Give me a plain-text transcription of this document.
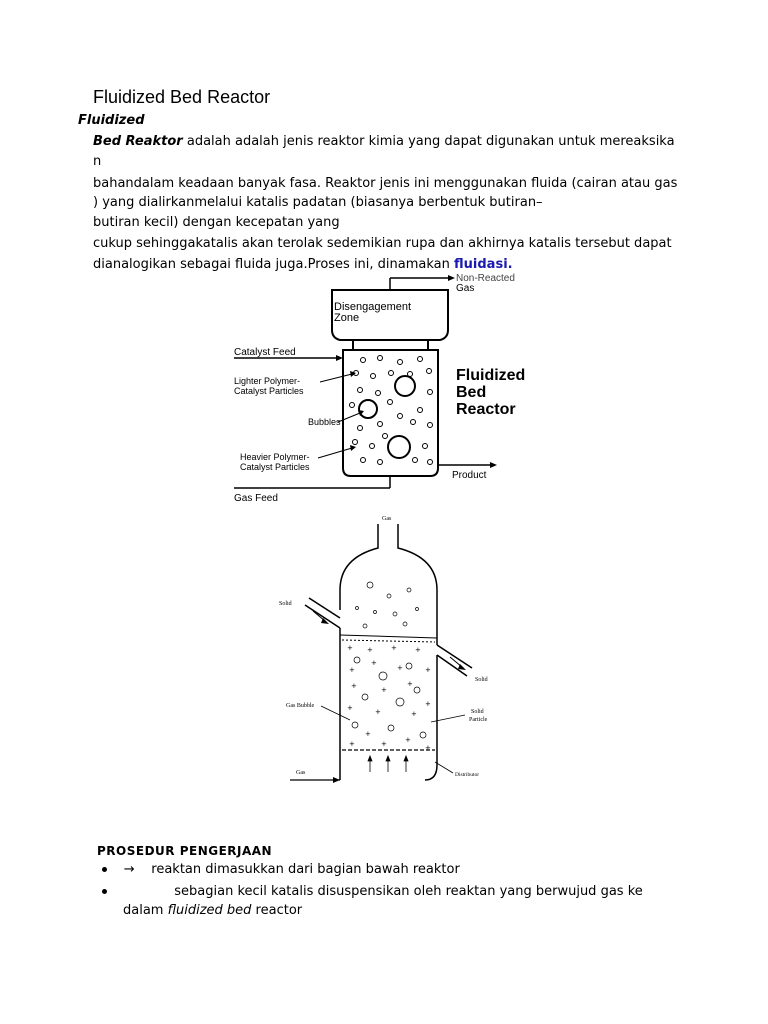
Fluidized Bed Reactor
Fluidized
Bed Reaktor adalah adalah jenis reaktor kimia yang dapat digunakan untuk mereaksika
n
bahandalam keadaan banyak fasa. Reaktor jenis ini menggunakan fluida (cairan atau gas
) yang dialirkanmelalui katalis padatan (biasanya berbentuk butiran–
butiran kecil) dengan kecepatan yang
cukup sehinggakatalis akan terolak sedemikian rupa dan akhirnya katalis tersebut dapat
dianalogikan sebagai fluida juga.Proses ini, dinamakan fluidasi.
Disengagement
Zone
Non-Reacted
Gas
Catalyst Feed
Lighter Polymer-
Catalyst Particles
Bubbles
Heavier Polymer-
Catalyst Particles
Product
Gas Feed
Fluidized
Bed
Reactor
Gas
Solid
Solid
+ +	+	+
+
+
+	+
+	+
+
+
+	+	+
+
+
+
+	+
Gas Bubble
Solid
Particle
Distributor
Gas
PROSEDUR PENGERJAAN
→ reaktan dimasukkan dari bagian bawah reaktor
sebagian kecil katalis disuspensikan oleh reaktan yang berwujud gas ke
dalam fluidized bed reactor
